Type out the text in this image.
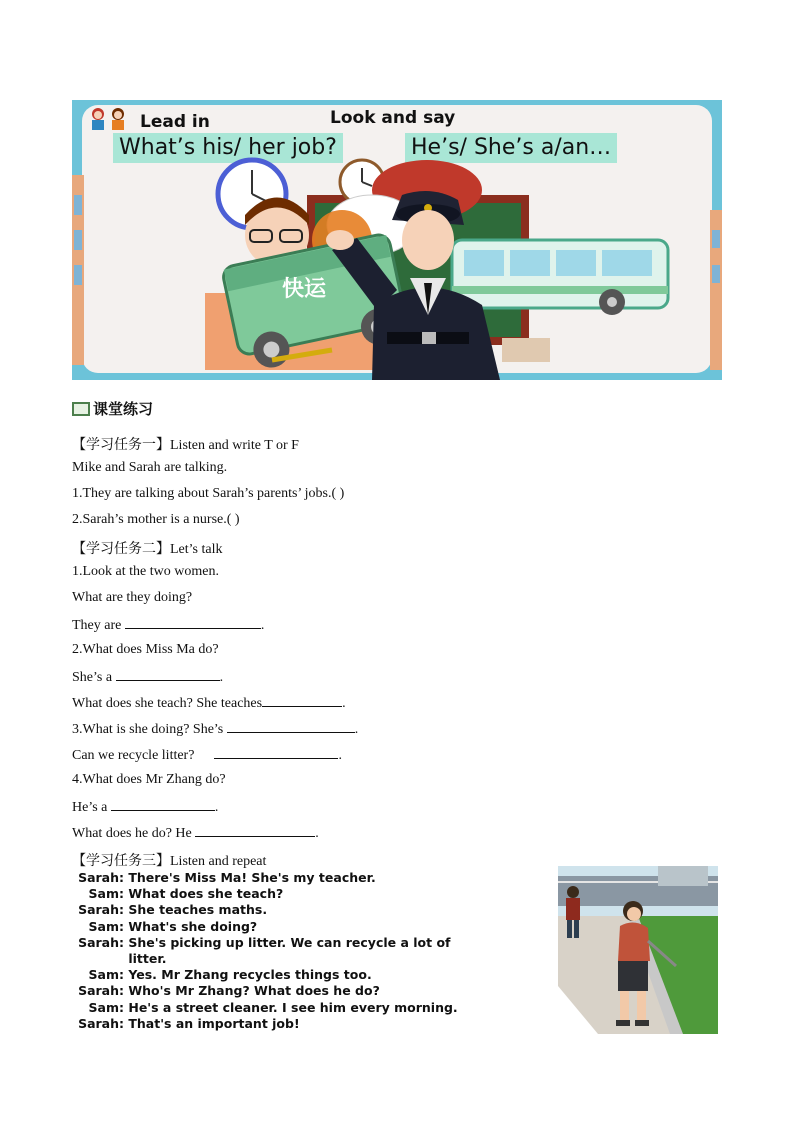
Lead in	Look and say
What’s his/ her job?	He’s/ She’s a/an…
快运
课堂练习
【学习任务一】Listen and write T or F
Mike and Sarah are talking.
1.They are talking about Sarah’s parents’ jobs.( )
2.Sarah’s mother is a nurse.( )
【学习任务二】Let’s talk
1.Look at the two women.
What are they doing?
They are	.
2.What does Miss Ma do?
She’s a	.
What does she teach? She teaches	.
3.What is she doing? She’s	.
Can we recycle litter?	.
4.What does Mr Zhang do?
He’s a	.
What does he do? He	.
【学习任务三】Listen and repeat
Sarah: There's Miss Ma! She's my teacher.
Sam: What does she teach?
Sarah: She teaches maths.
Sam: What's she doing?
Sarah: She's picking up litter. We can recycle a lot of
litter.
Sam: Yes. Mr Zhang recycles things too.
Sarah: Who's Mr Zhang? What does he do?
Sam: He's a street cleaner. I see him every morning.
Sarah: That's an important job!
